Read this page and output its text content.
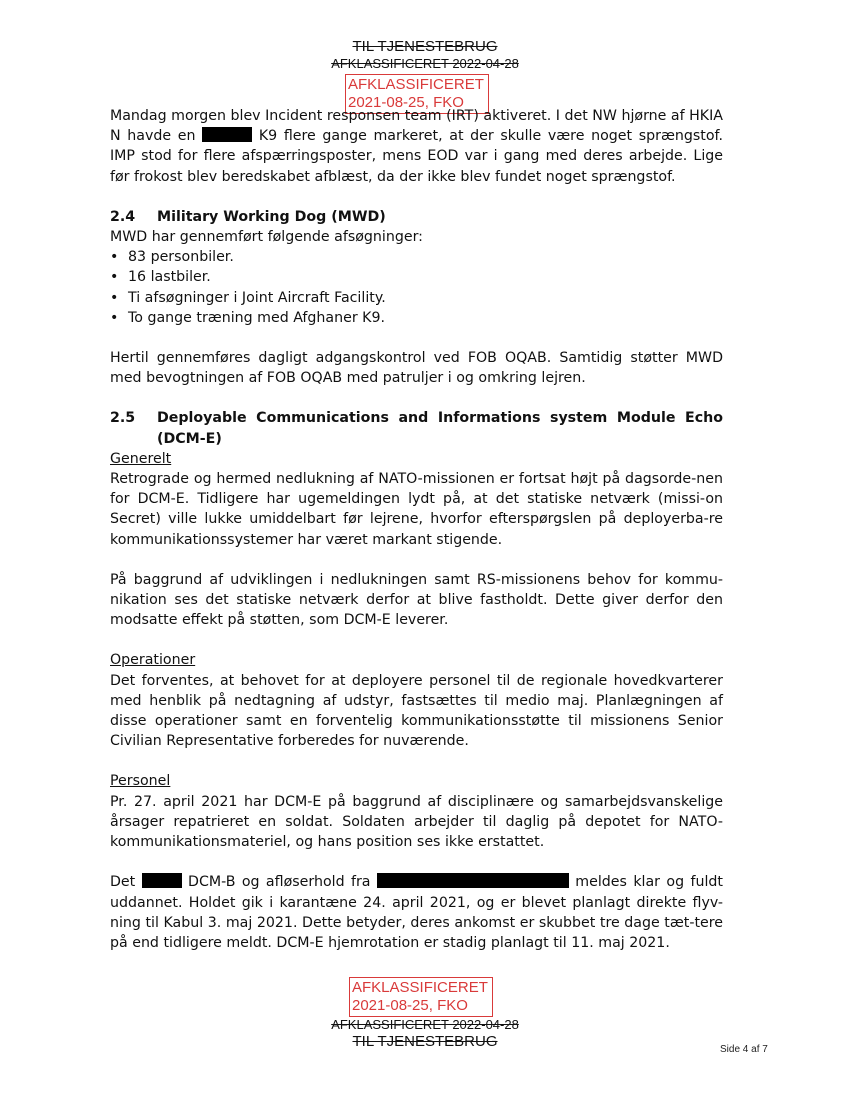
TIL TJENESTEBRUG
AFKLASSIFICERET 2022-04-28
AFKLASSIFICERET
2021-08-25, FKO

Mandag morgen blev Incident responsen team (IRT) aktiveret. I det NW hjørne af HKIA N havde en	K9 flere gange markeret, at der skulle være noget sprængstof. IMP stod for flere afspærringsposter, mens EOD var i gang med deres arbejde. Lige før frokost blev beredskabet afblæst, da der ikke blev fundet noget sprængstof.

2.4	Military Working Dog (MWD)

MWD har gennemført følgende afsøgninger:

• 83 personbiler.
• 16 lastbiler.
• Ti afsøgninger i Joint Aircraft Facility.
• To gange træning med Afghaner K9.

Hertil gennemføres dagligt adgangskontrol ved FOB OQAB. Samtidig støtter MWD med bevogtningen af FOB OQAB med patruljer i og omkring lejren.

2.5	Deployable Communications and Informations system Module Echo (DCM-E)

Generelt

Retrograde og hermed nedlukning af NATO-missionen er fortsat højt på dagsorde-nen for DCM-E. Tidligere har ugemeldingen lydt på, at det statiske netværk (missi-on Secret) ville lukke umiddelbart før lejrene, hvorfor efterspørgslen på deployerba-re kommunikationssystemer har været markant stigende.

På baggrund af udviklingen i nedlukningen samt RS-missionens behov for kommu-nikation ses det statiske netværk derfor at blive fastholdt. Dette giver derfor den modsatte effekt på støtten, som DCM-E leverer.

Operationer

Det forventes, at behovet for at deployere personel til de regionale hovedkvarterer med henblik på nedtagning af udstyr, fastsættes til medio maj. Planlægningen af disse operationer samt en forventelig kommunikationsstøtte til missionens Senior Civilian Representative forberedes for nuværende.

Personel

Pr. 27. april 2021 har DCM-E på baggrund af disciplinære og samarbejdsvanskelige årsager repatrieret en soldat. Soldaten arbejder til daglig på depotet for NATO-kommunikationsmateriel, og hans position ses ikke erstattet.

Det	DCM-B og afløserhold fra	meldes klar og fuldt uddannet. Holdet gik i karantæne 24. april 2021, og er blevet planlagt direkte flyv-ning til Kabul 3. maj 2021. Dette betyder, deres ankomst er skubbet tre dage tæt-tere på end tidligere meldt. DCM-E hjemrotation er stadig planlagt til 11. maj 2021.

AFKLASSIFICERET
2021-08-25, FKO
AFKLASSIFICERET 2022-04-28
TIL TJENESTEBRUG	Side 4 af 7
